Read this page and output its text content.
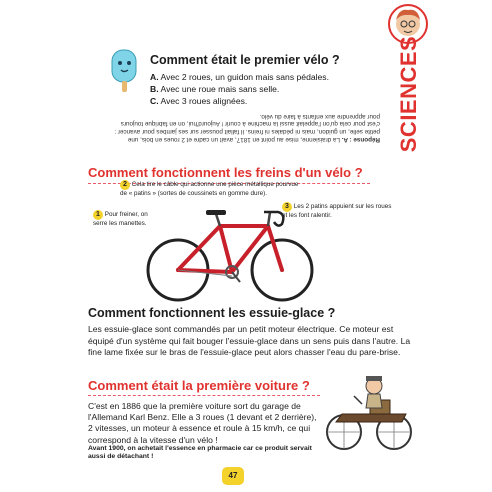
SCIENCES
Comment était le premier vélo ?
A. Avec 2 roues, un guidon mais sans pédales.
B. Avec une roue mais sans selle.
C. Avec 3 roues alignées.
Réponse : A. La draisienne, mise au point en 1817, avait un cadre et 2 roues en bois, une petite selle, un guidon, mais ni pédales ni freins. Il fallait pousser sur ses jambes pour avancer : c'est pour cela qu'on l'appelait aussi la machine à courir ! Aujourd'hui, on en fabrique toujours pour apprendre aux enfants à faire du vélo.
Comment fonctionnent les freins d'un vélo ?
2 Cela tire le câble qui actionne une pièce métallique pourvue de « patins » (sortes de coussinets en gomme dure).
1 Pour freiner, on serre les manettes.
3 Les 2 patins appuient sur les roues et les font ralentir.
Comment fonctionnent les essuie-glace ?
Les essuie-glace sont commandés par un petit moteur électrique. Ce moteur est équipé d'un système qui fait bouger l'essuie-glace dans un sens puis dans l'autre. La fine lame fixée sur le bras de l'essuie-glace peut alors chasser l'eau du pare-brise.
Comment était la première voiture ?
C'est en 1886 que la première voiture sort du garage de l'Allemand Karl Benz. Elle a 3 roues (1 devant et 2 derrière), 2 vitesses, un moteur à essence et roule à 15 km/h, ce qui correspond à la vitesse d'un vélo !
Avant 1900, on achetait l'essence en pharmacie car ce produit servait aussi de détachant !
47
